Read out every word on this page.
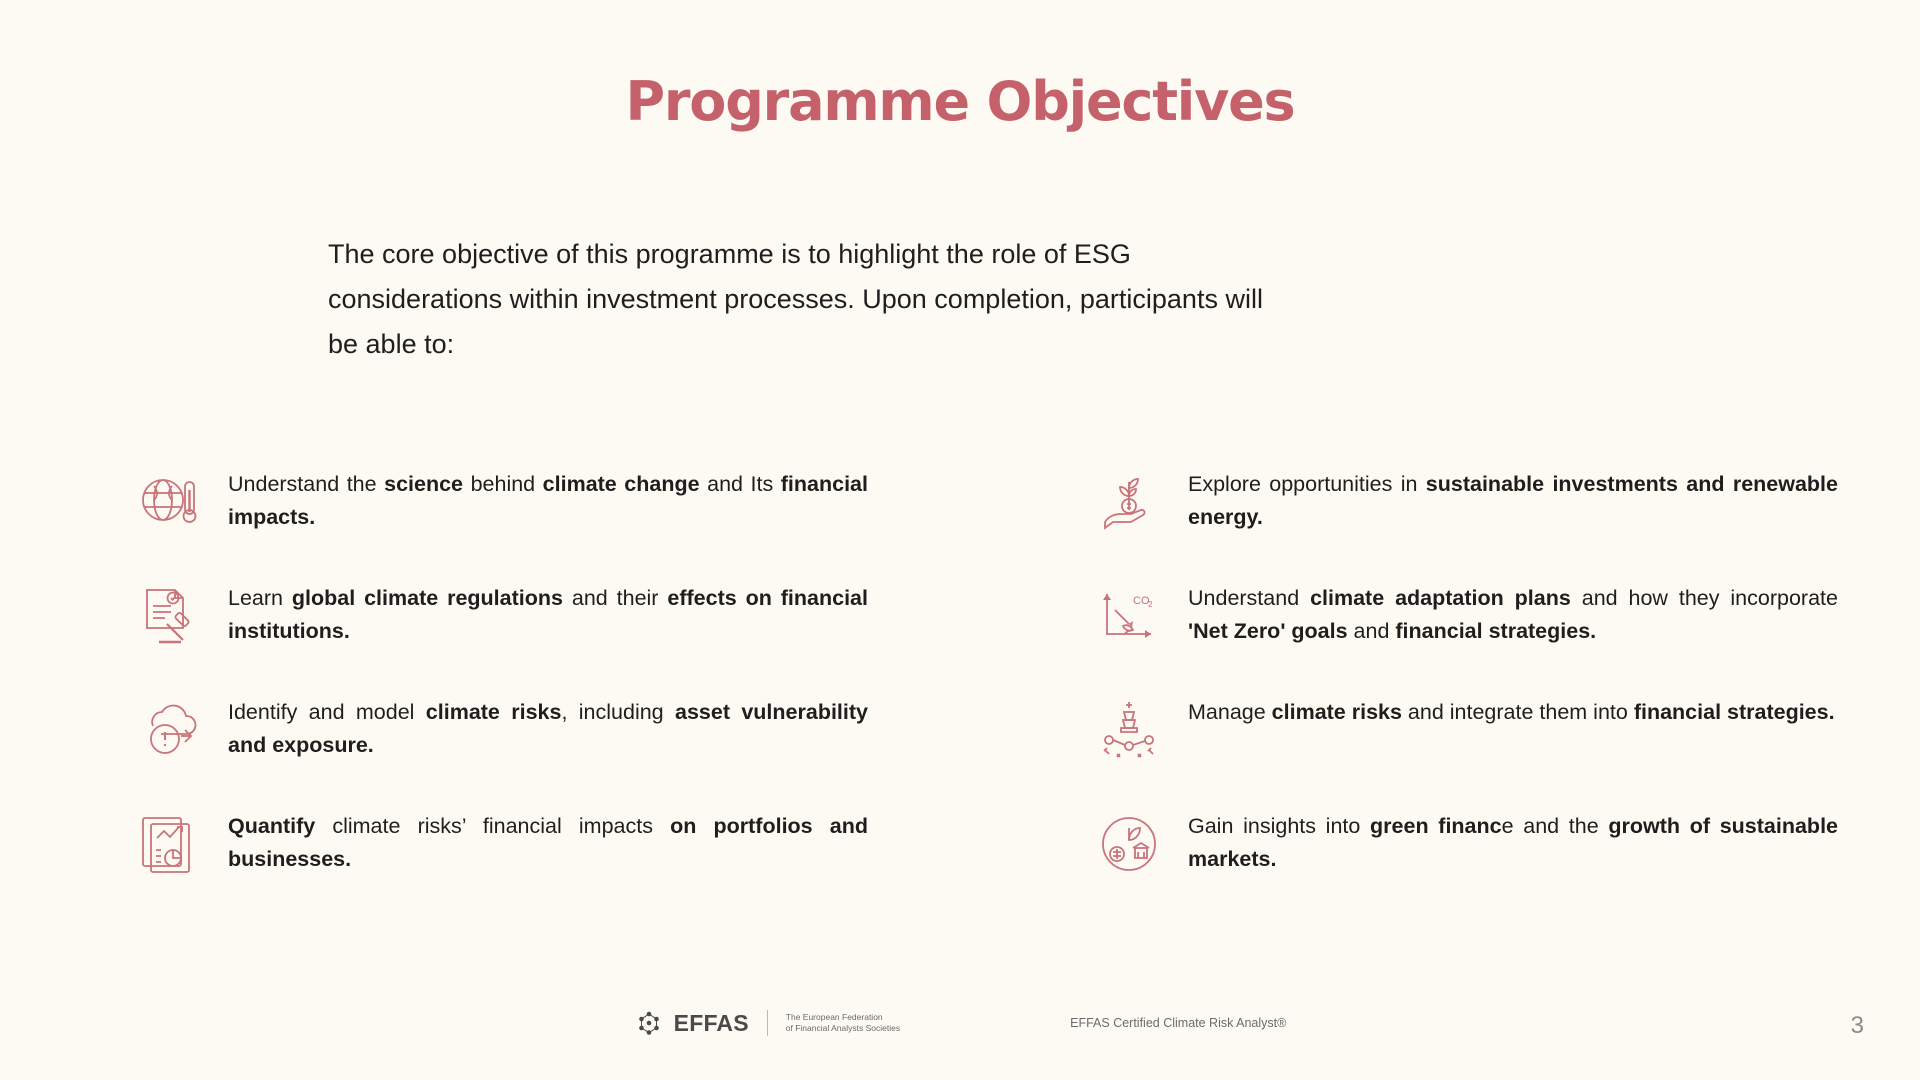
Programme Objectives
The core objective of this programme is to highlight the role of ESG
considerations within investment processes. Upon completion, participants will
be able to:
Understand the science behind climate change and Its financial impacts.
Learn global climate regulations and their effects on financial institutions.
Identify and model climate risks, including asset vulnerability and exposure.
Quantify climate risks’ financial impacts on portfolios and businesses.
Explore opportunities in sustainable investments and renewable energy.
CO
2 Understand climate adaptation plans and how they incorporate 'Net Zero' goals and financial strategies.
Manage climate risks and integrate them into financial strategies.
Gain insights into green finance and the growth of sustainable markets.
EFFAS	The European Federation
of Financial Analysts Societies	EFFAS Certified Climate Risk Analyst®	3
